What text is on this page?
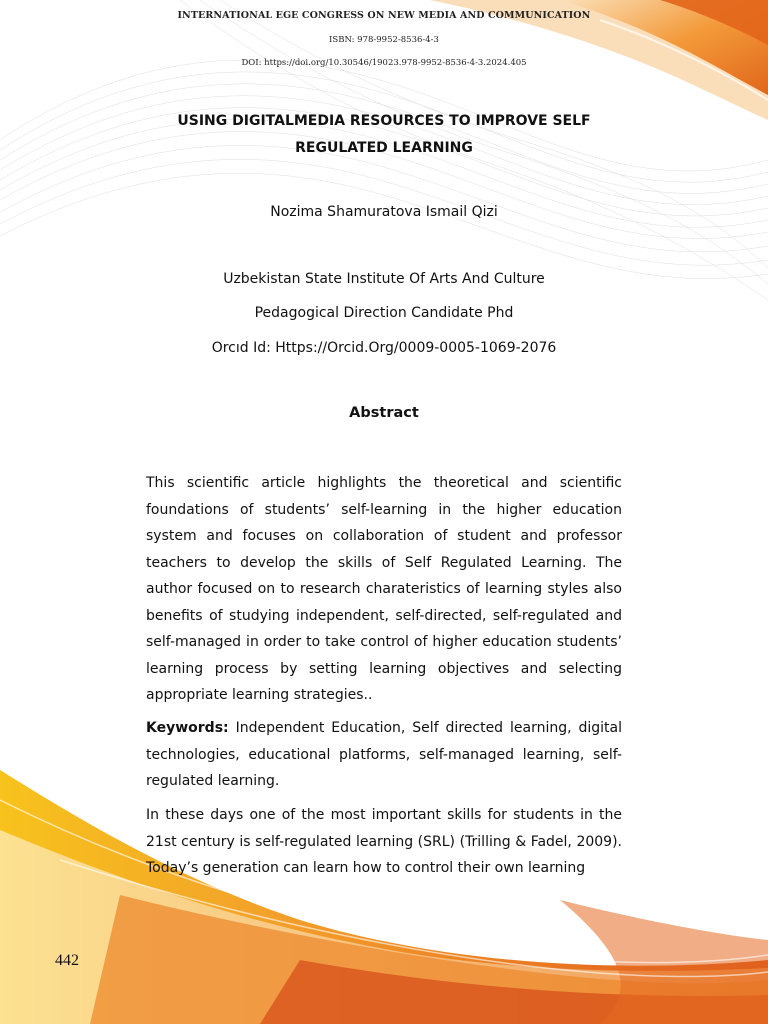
INTERNATIONAL EGE CONGRESS ON NEW MEDIA AND COMMUNICATION
ISBN: 978-9952-8536-4-3
DOI: https://doi.org/10.30546/19023.978-9952-8536-4-3.2024.405
USING DIGITALMEDIA RESOURCES TO IMPROVE SELF REGULATED LEARNING
Nozima Shamuratova Ismail Qizi
Uzbekistan State Institute Of Arts And Culture
Pedagogical Direction Candidate Phd
Orcıd Id: Https://Orcid.Org/0009-0005-1069-2076
Abstract
This scientific article highlights the theoretical and scientific foundations of students’ self-learning in the higher education system and focuses on collaboration of student and professor teachers to develop the skills of Self Regulated Learning. The author focused on to research charateristics of learning styles also benefits of studying independent, self-directed, self-regulated and self-managed in order to take control of higher education students’ learning process by setting learning objectives and selecting appropriate learning strategies..
Keywords: Independent Education, Self directed learning, digital technologies, educational platforms, self-managed learning, self-regulated learning.
In these days one of the most important skills for students in the 21st century is self-regulated learning (SRL) (Trilling & Fadel, 2009). Today’s generation can learn how to control their own learning
442
